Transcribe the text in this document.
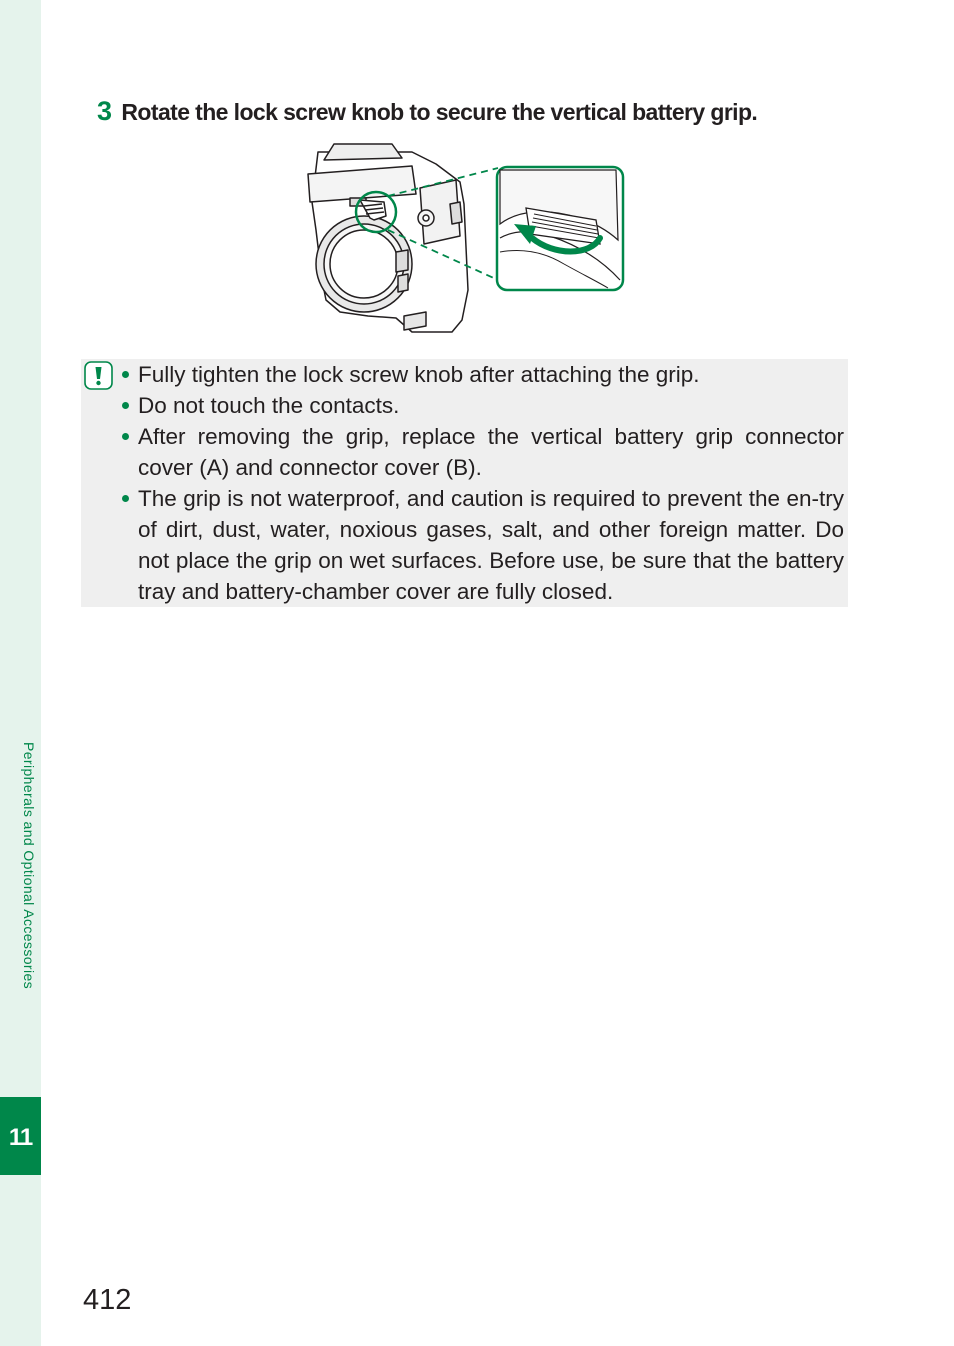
Peripherals and Optional Accessories
11
3 Rotate the lock screw knob to secure the vertical battery grip.
Fully tighten the lock screw knob after attaching the grip.
Do not touch the contacts.
After removing the grip, replace the vertical battery grip connector cover (A) and connector cover (B).
The grip is not waterproof, and caution is required to prevent the en-try of dirt, dust, water, noxious gases, salt, and other foreign matter. Do not place the grip on wet surfaces. Before use, be sure that the battery tray and battery-chamber cover are fully closed.
412
